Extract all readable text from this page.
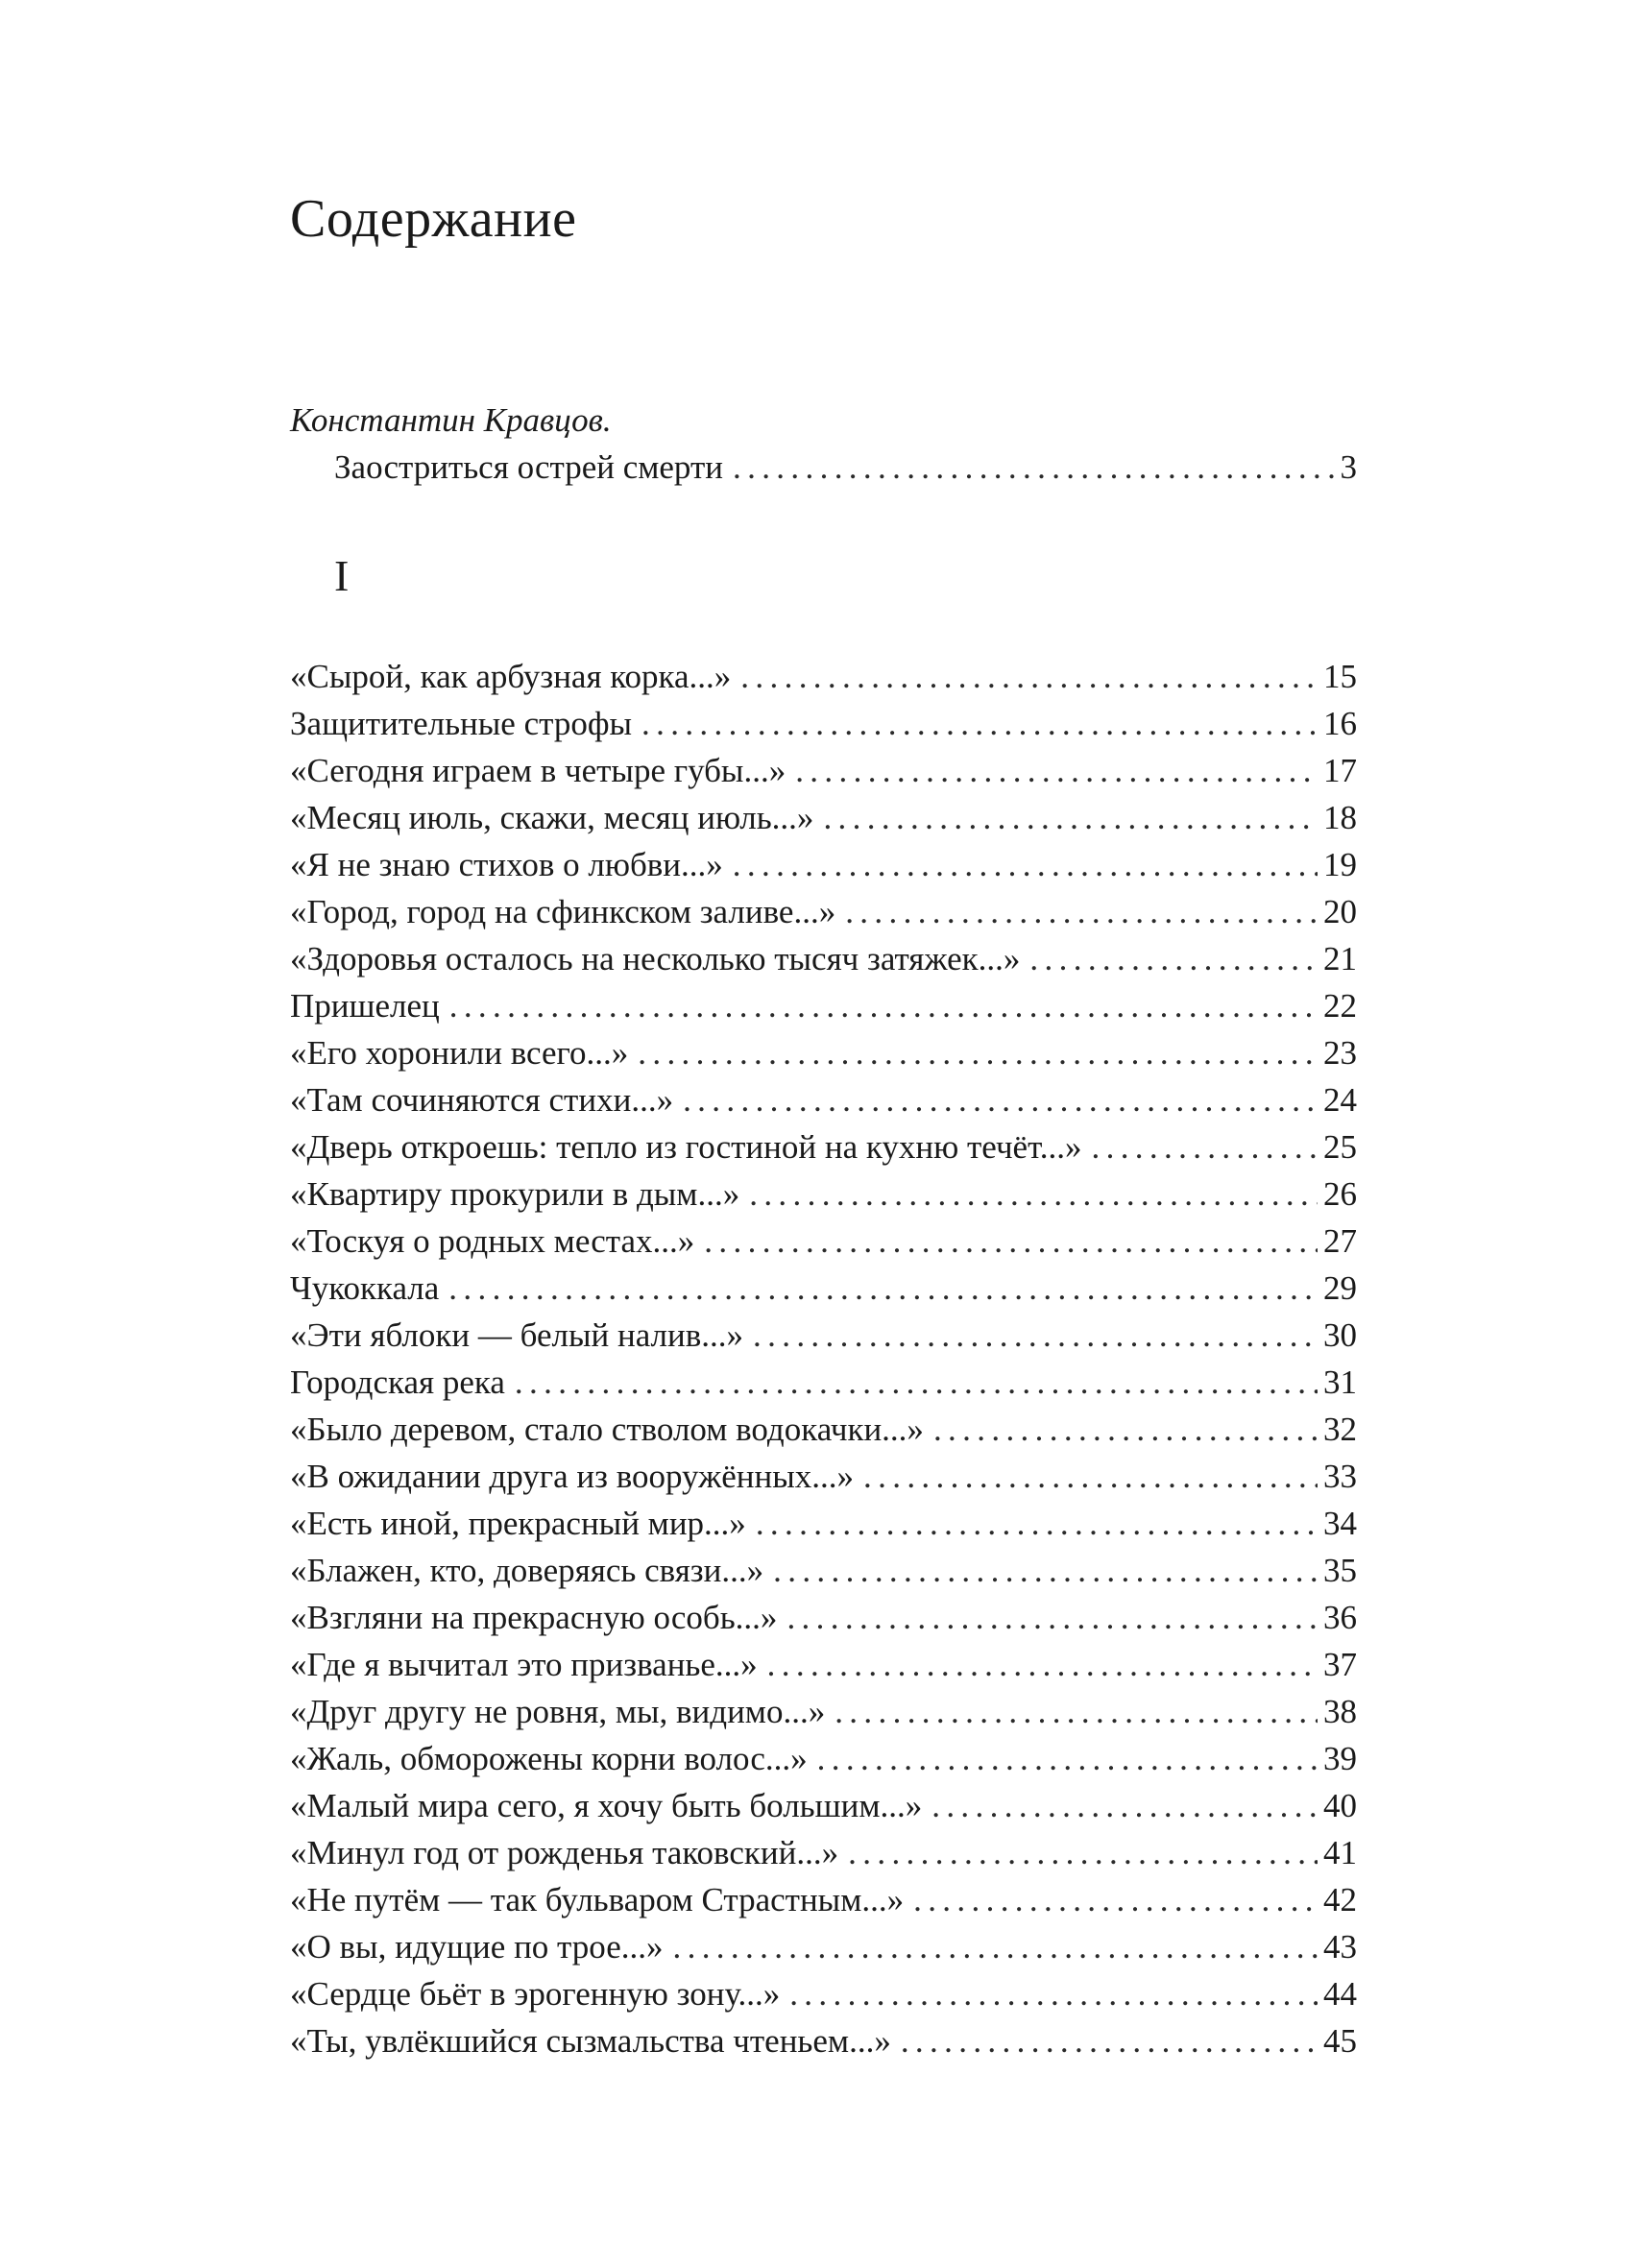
Содержание
Константин Кравцов.
Заостриться острей смерти . . .	3
I
«Сырой, как арбузная корка...» . . .	15
Защитительные строфы . . .	16
«Сегодня играем в четыре губы...» . . .	17
«Месяц июль, скажи, месяц июль...» . . .	18
«Я не знаю стихов о любви...» . . .	19
«Город, город на сфинкском заливе...» . . .	20
«Здоровья осталось на несколько тысяч затяжек...» . . .	21
Пришелец . . .	22
«Его хоронили всего...» . . .	23
«Там сочиняются стихи...» . . .	24
«Дверь откроешь: тепло из гостиной на кухню течёт...» . . .	25
«Квартиру прокурили в дым...» . . .	26
«Тоскуя о родных местах...» . . .	27
Чукоккала . . .	29
«Эти яблоки — белый налив...» . . .	30
Городская река . . .	31
«Было деревом, стало стволом водокачки...» . . .	32
«В ожидании друга из вооружённых...» . . .	33
«Есть иной, прекрасный мир...» . . .	34
«Блажен, кто, доверяясь связи...» . . .	35
«Взгляни на прекрасную особь...» . . .	36
«Где я вычитал это призванье...» . . .	37
«Друг другу не ровня, мы, видимо...» . . .	38
«Жаль, обморожены корни волос...» . . .	39
«Малый мира сего, я хочу быть большим...» . . .	40
«Минул год от рожденья таковский...» . . .	41
«Не путём — так бульваром Страстным...» . . .	42
«О вы, идущие по трое...» . . .	43
«Сердце бьёт в эрогенную зону...» . . .	44
«Ты, увлёкшийся сызмальства чтеньем...» . . .	45
